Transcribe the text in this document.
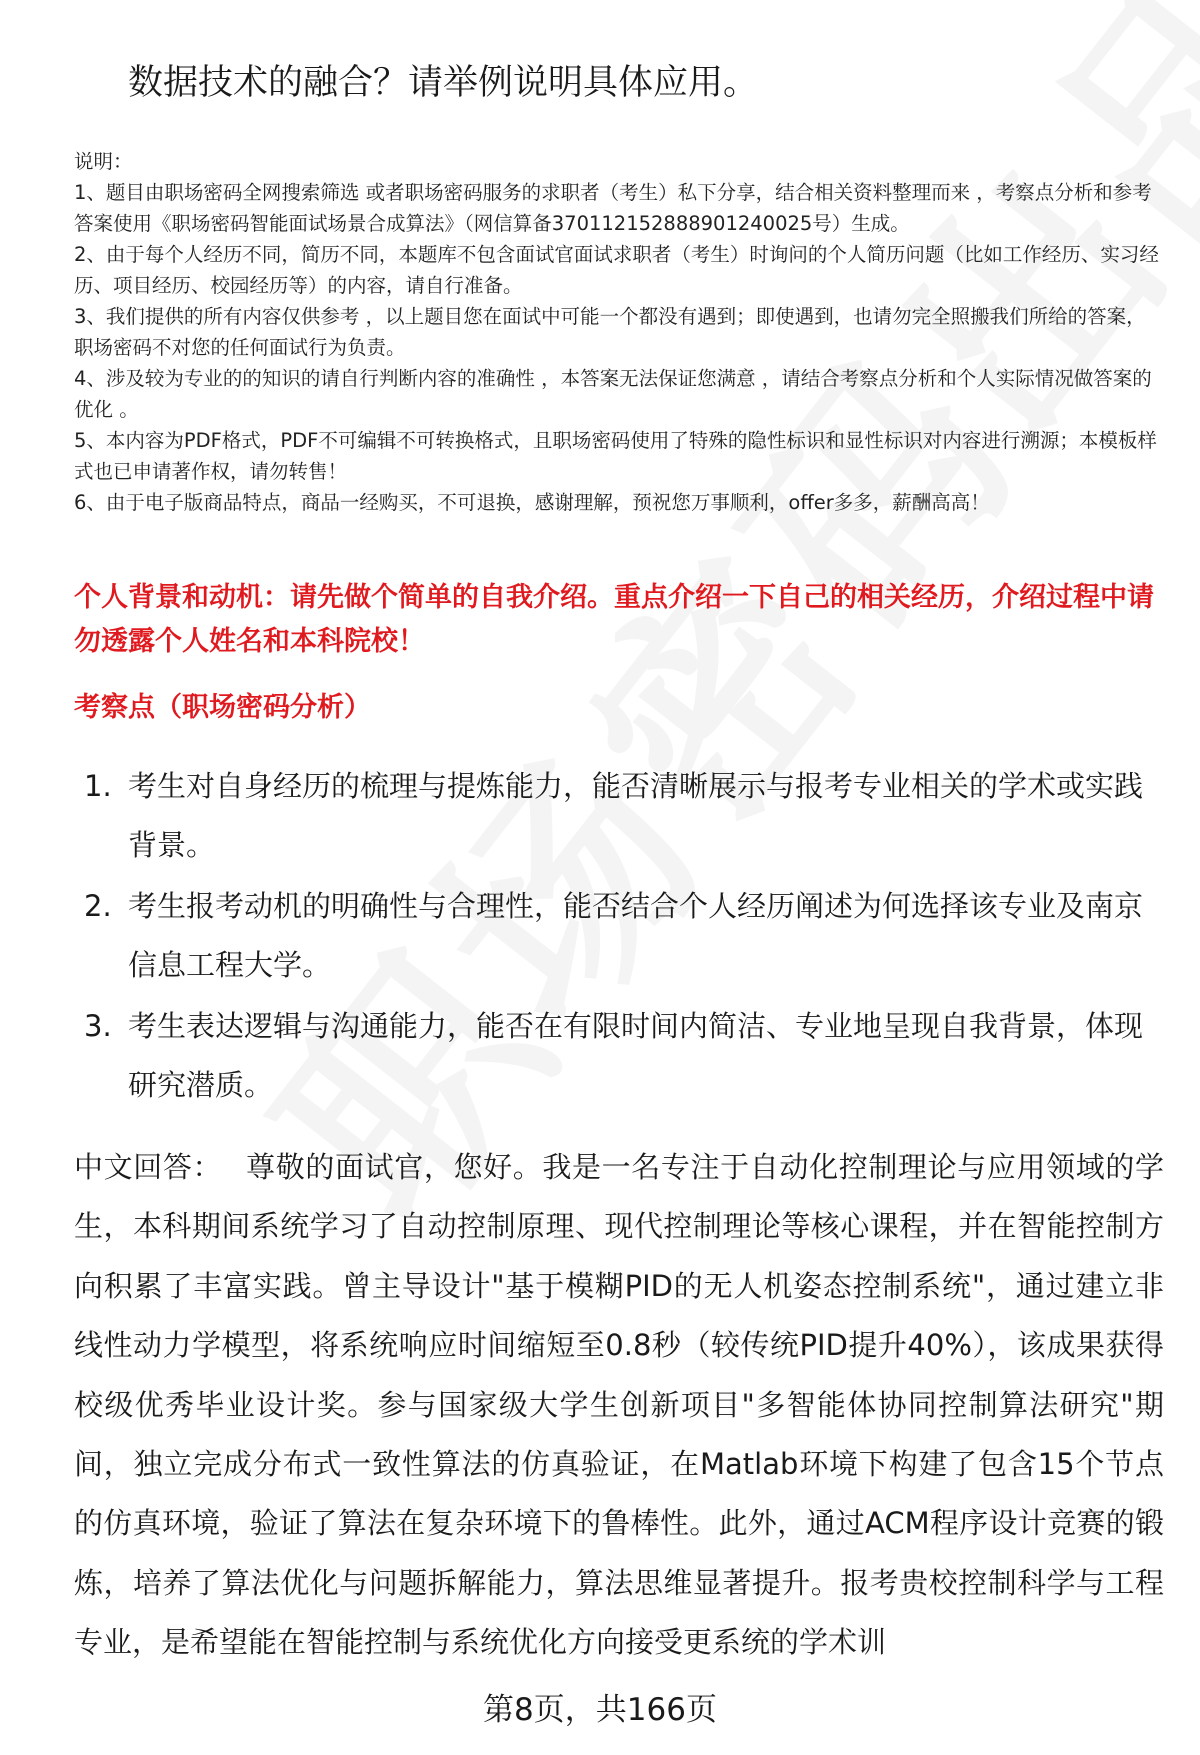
数据技术的融合？请举例说明具体应用。

说明：

1、题目由职场密码全网搜索筛选 或者职场密码服务的求职者（考生）私下分享，结合相关资料整理而来 ，考察点分析和参考答案使用《职场密码智能面试场景合成算法》（网信算备370112152888901240025号）生成。

2、由于每个人经历不同，简历不同，本题库不包含面试官面试求职者（考生）时询问的个人简历问题（比如工作经历、实习经历、项目经历、校园经历等）的内容，请自行准备。

3、我们提供的所有内容仅供参考 ，以上题目您在面试中可能一个都没有遇到；即使遇到，也请勿完全照搬我们所给的答案，职场密码不对您的任何面试行为负责。

4、涉及较为专业的的知识的请自行判断内容的准确性 ，本答案无法保证您满意 ，请结合考察点分析和个人实际情况做答案的优化 。

5、本内容为PDF格式，PDF不可编辑不可转换格式，且职场密码使用了特殊的隐性标识和显性标识对内容进行溯源；本模板样式也已申请著作权，请勿转售！

6、由于电子版商品特点，商品一经购买，不可退换，感谢理解，预祝您万事顺利，offer多多，薪酬高高！

个人背景和动机：请先做个简单的自我介绍。重点介绍一下自己的相关经历，介绍过程中请勿透露个人姓名和本科院校！
考察点（职场密码分析）
1. 考生对自身经历的梳理与提炼能力，能否清晰展示与报考专业相关的学术或实践背景。
2. 考生报考动机的明确性与合理性，能否结合个人经历阐述为何选择该专业及南京信息工程大学。
3. 考生表达逻辑与沟通能力，能否在有限时间内简洁、专业地呈现自我背景，体现研究潜质。
中文回答： 尊敬的面试官，您好。我是一名专注于自动化控制理论与应用领域的学生，本科期间系统学习了自动控制原理、现代控制理论等核心课程，并在智能控制方向积累了丰富实践。曾主导设计"基于模糊PID的无人机姿态控制系统"，通过建立非线性动力学模型，将系统响应时间缩短至0.8秒（较传统PID提升40%），该成果获得校级优秀毕业设计奖。参与国家级大学生创新项目"多智能体协同控制算法研究"期间，独立完成分布式一致性算法的仿真验证，在Matlab环境下构建了包含15个节点的仿真环境，验证了算法在复杂环境下的鲁棒性。此外，通过ACM程序设计竞赛的锻炼，培养了算法优化与问题拆解能力，算法思维显著提升。报考贵校控制科学与工程专业，是希望能在智能控制与系统优化方向接受更系统的学术训
第8页，共166页
